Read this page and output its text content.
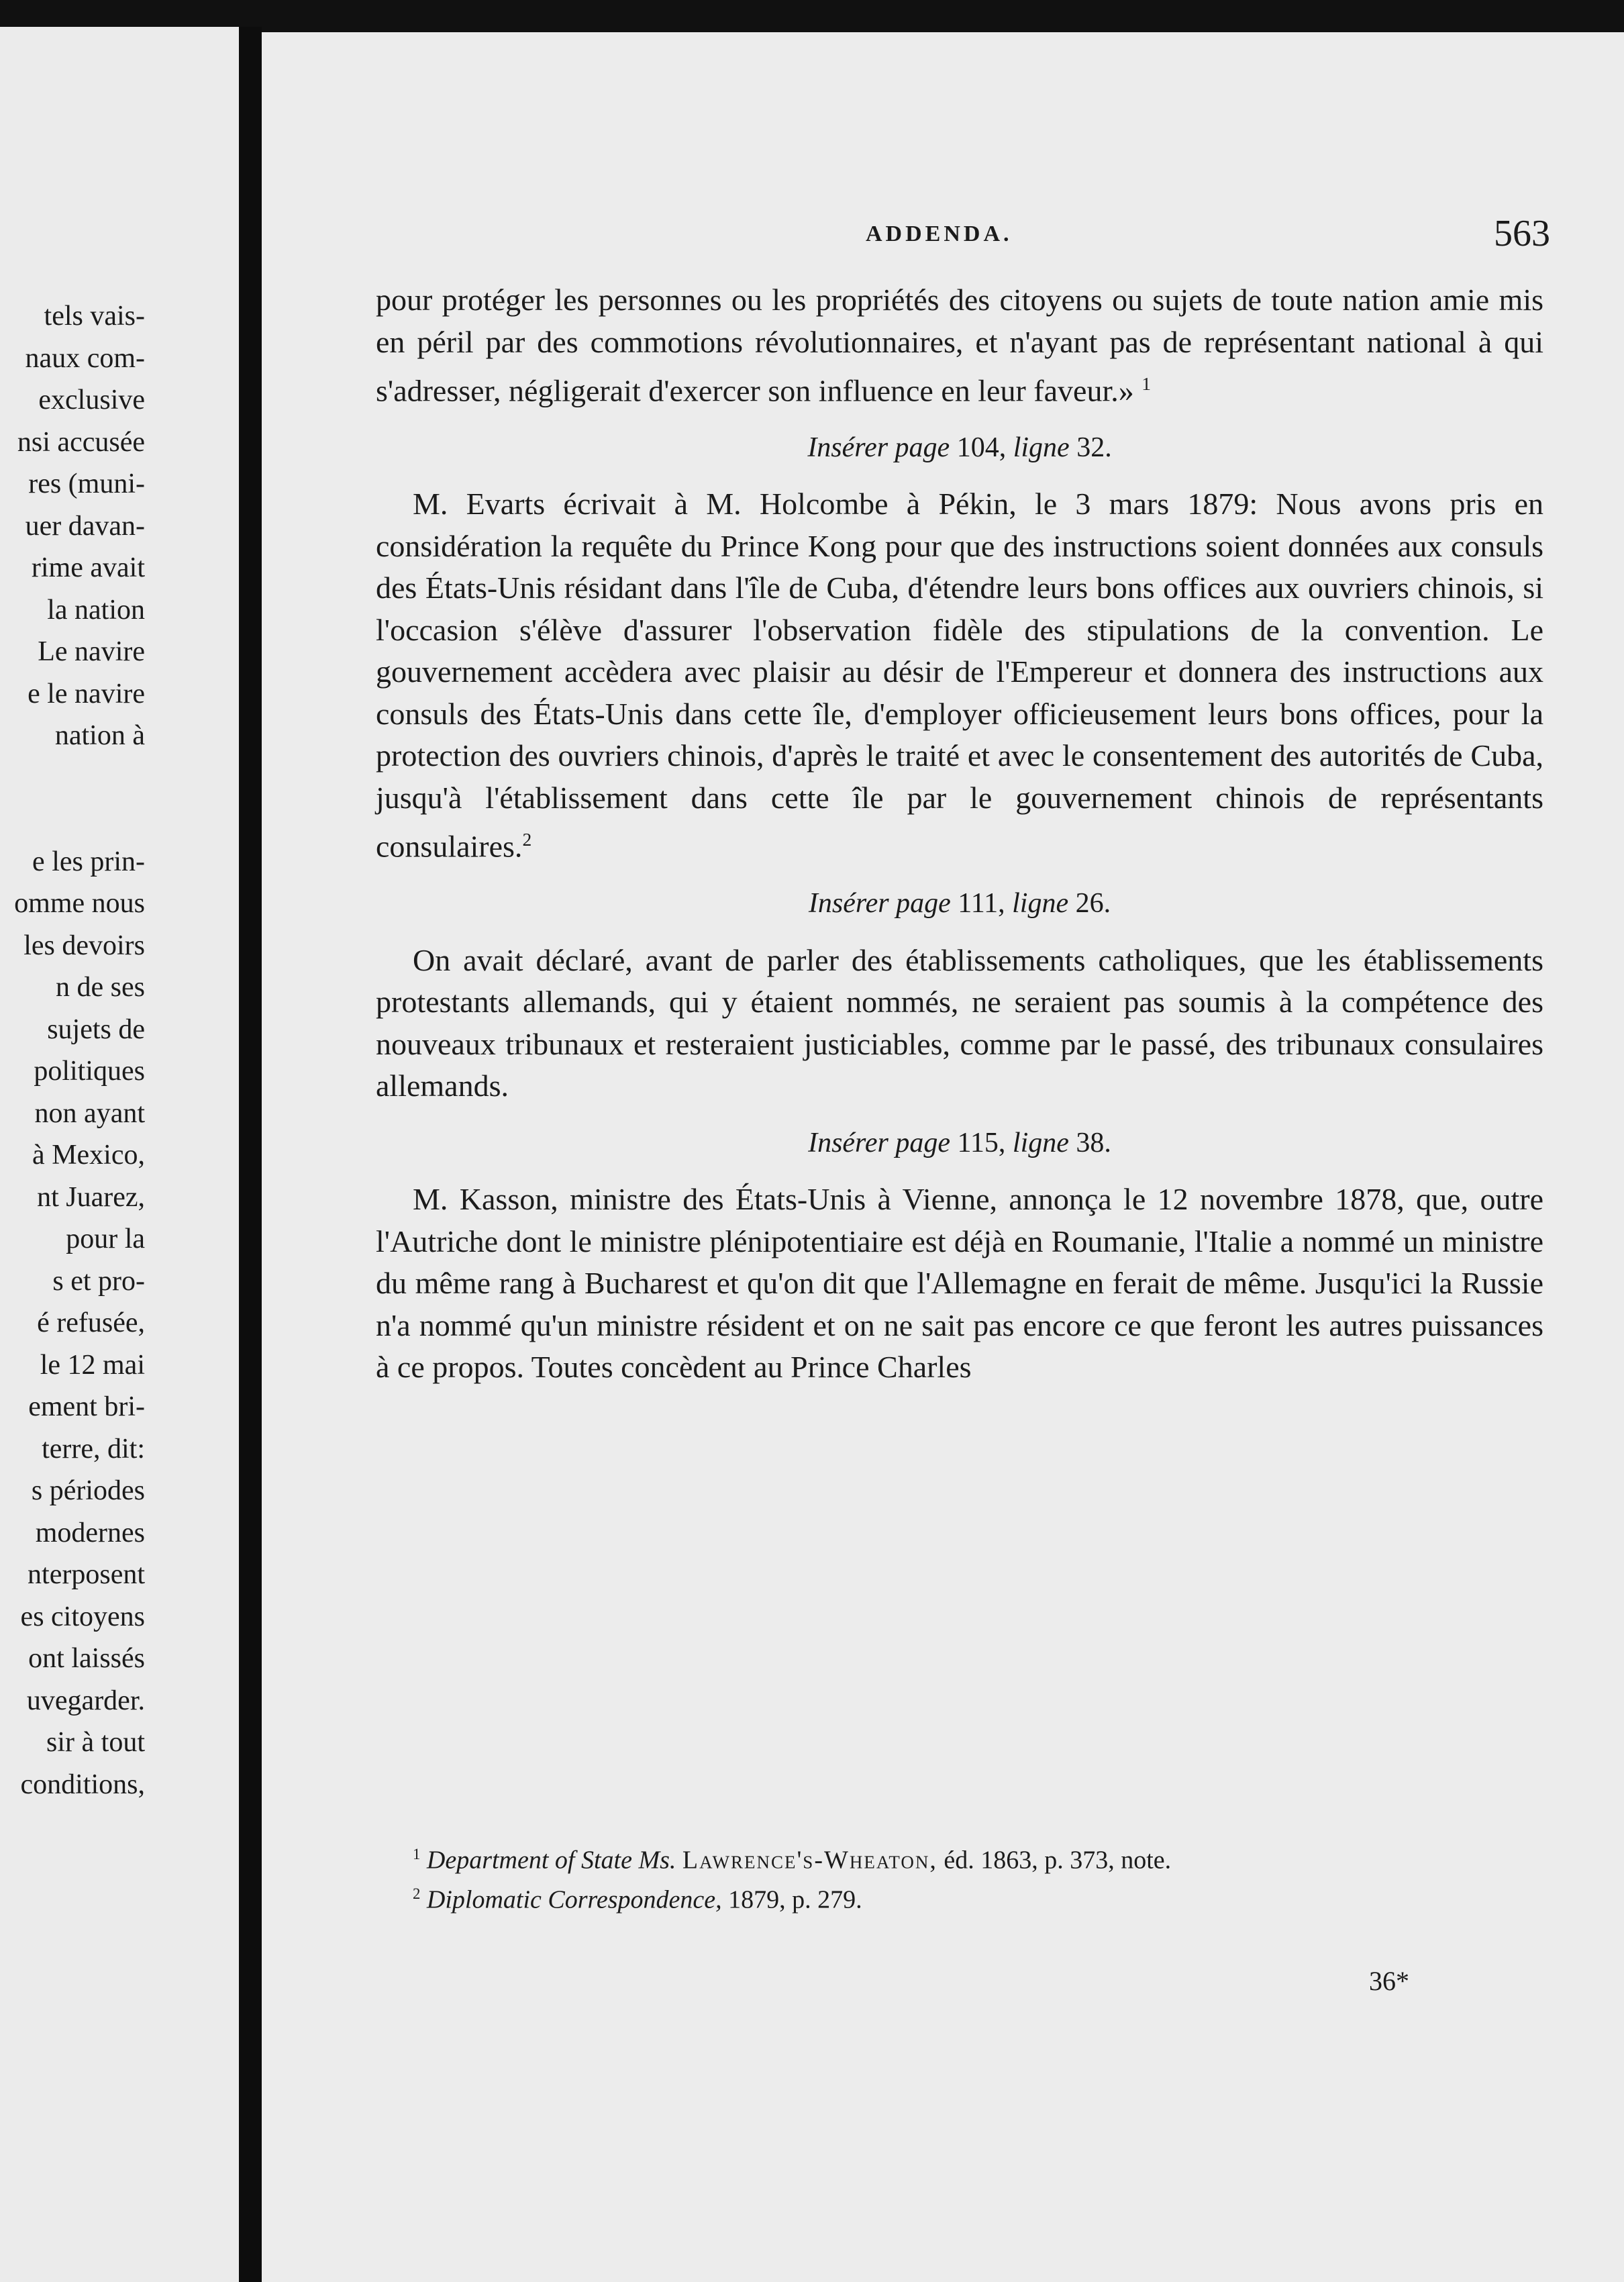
tels vais-
naux com-
exclusive
nsi accusée
res (muni-
uer davan-
rime avait
la nation
Le navire
e le navire
nation à
e les prin-
omme nous
les devoirs
n de ses
sujets de
politiques
non ayant
à Mexico,
nt Juarez,
pour la
s et pro-
é refusée,
le 12 mai
ement bri-
terre, dit:
s périodes
modernes
nterposent
es citoyens
ont laissés
uvegarder.
sir à tout
conditions,
ADDENDA.	563

pour protéger les personnes ou les propriétés des citoyens ou sujets de toute nation amie mis en péril par des commotions révolutionnaires, et n'ayant pas de représentant national à qui s'adresser, négligerait d'exercer son influence en leur faveur.» $^1$

Insérer page 104, ligne 32.

M. Evarts écrivait à M. Holcombe à Pékin, le 3 mars 1879: Nous avons pris en considération la requête du Prince Kong pour que des instructions soient données aux consuls des États-Unis résidant dans l'île de Cuba, d'étendre leurs bons offices aux ouvriers chinois, si l'occasion s'élève d'assurer l'observation fidèle des stipulations de la convention. Le gouvernement accèdera avec plaisir au désir de l'Empereur et donnera des instructions aux consuls des États-Unis dans cette île, d'employer officieusement leurs bons offices, pour la protection des ouvriers chinois, d'après le traité et avec le consentement des autorités de Cuba, jusqu'à l'établissement dans cette île par le gouvernement chinois de représentants consulaires.$^2$

Insérer page 111, ligne 26.

On avait déclaré, avant de parler des établissements catholiques, que les établissements protestants allemands, qui y étaient nommés, ne seraient pas soumis à la compétence des nouveaux tribunaux et resteraient justiciables, comme par le passé, des tribunaux consulaires allemands.

Insérer page 115, ligne 38.

M. Kasson, ministre des États-Unis à Vienne, annonça le 12 novembre 1878, que, outre l'Autriche dont le ministre plénipotentiaire est déjà en Roumanie, l'Italie a nommé un ministre du même rang à Bucharest et qu'on dit que l'Allemagne en ferait de même. Jusqu'ici la Russie n'a nommé qu'un ministre résident et on ne sait pas encore ce que feront les autres puissances à ce propos. Toutes concèdent au Prince Charles

$^1$ Department of State Ms. Lawrence's-Wheaton, éd. 1863, p. 373, note.

$^2$ Diplomatic Correspondence, 1879, p. 279.

36*
